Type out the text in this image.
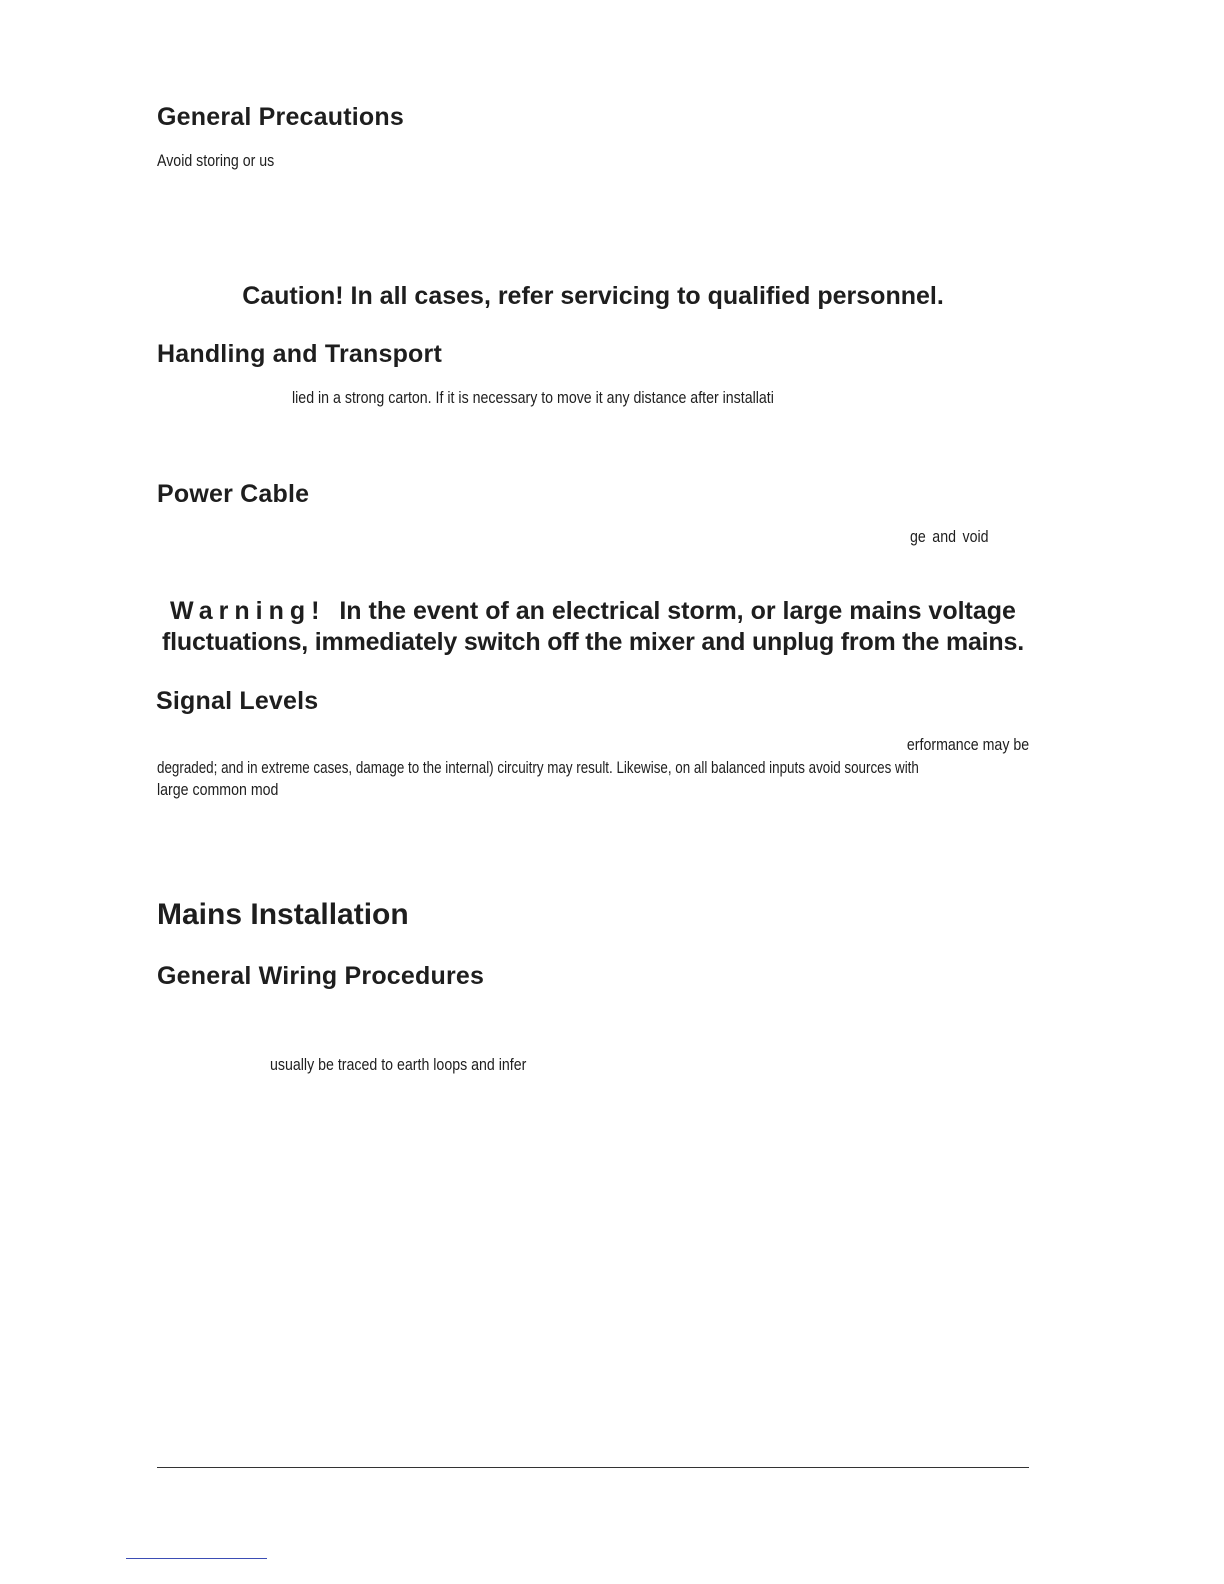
General Precautions

Avoid storing or us

Caution! In all cases, refer servicing to qualified personnel.
Handling and Transport

lied in a strong carton. If it is necessary to move it any distance after installati

Power Cable

ge and void

Warning! In the event of an electrical storm, or large mains voltage
fluctuations, immediately switch off the mixer and unplug from the mains.
Signal Levels

erformance may be

degraded; and in extreme cases, damage to the internal) circuitry may result. Likewise, on all balanced inputs avoid sources with

large common mod

Mains Installation
General Wiring Procedures

usually be traced to earth loops and infer
